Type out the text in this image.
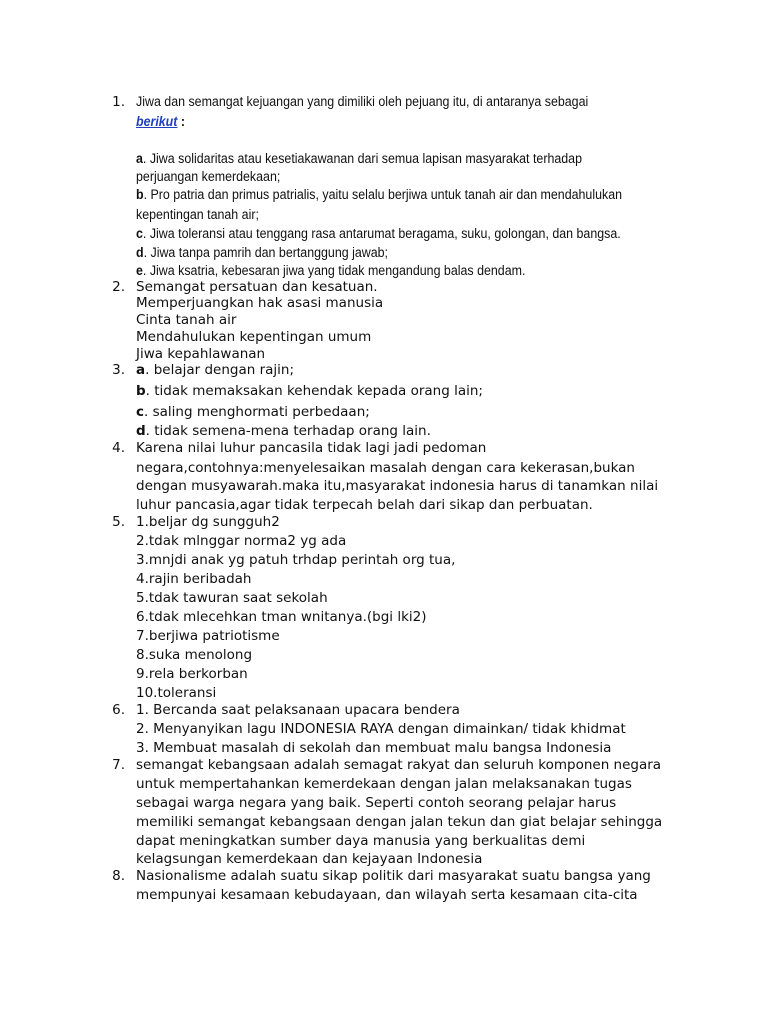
1. Jiwa dan semangat kejuangan yang dimiliki oleh pejuang itu, di antaranya sebagai
berikut :
a. Jiwa solidaritas atau kesetiakawanan dari semua lapisan masyarakat terhadap
perjuangan kemerdekaan;
b. Pro patria dan primus patrialis, yaitu selalu berjiwa untuk tanah air dan mendahulukan
kepentingan tanah air;
c. Jiwa toleransi atau tenggang rasa antarumat beragama, suku, golongan, dan bangsa.
d. Jiwa tanpa pamrih dan bertanggung jawab;
e. Jiwa ksatria, kebesaran jiwa yang tidak mengandung balas dendam.
2. Semangat persatuan dan kesatuan.
Memperjuangkan hak asasi manusia
Cinta tanah air
Mendahulukan kepentingan umum
Jiwa kepahlawanan
3. a. belajar dengan rajin;
b. tidak memaksakan kehendak kepada orang lain;
c. saling menghormati perbedaan;
d. tidak semena-mena terhadap orang lain.
4. Karena nilai luhur pancasila tidak lagi jadi pedoman
negara,contohnya:menyelesaikan masalah dengan cara kekerasan,bukan
dengan musyawarah.maka itu,masyarakat indonesia harus di tanamkan nilai
luhur pancasia,agar tidak terpecah belah dari sikap dan perbuatan.
5. 1.beljar dg sungguh2
2.tdak mlnggar norma2 yg ada
3.mnjdi anak yg patuh trhdap perintah org tua,
4.rajin beribadah
5.tdak tawuran saat sekolah
6.tdak mlecehkan tman wnitanya.(bgi lki2)
7.berjiwa patriotisme
8.suka menolong
9.rela berkorban
10.toleransi
6. 1. Bercanda saat pelaksanaan upacara bendera
2. Menyanyikan lagu INDONESIA RAYA dengan dimainkan/ tidak khidmat
3. Membuat masalah di sekolah dan membuat malu bangsa Indonesia
7. semangat kebangsaan adalah semagat rakyat dan seluruh komponen negara
untuk mempertahankan kemerdekaan dengan jalan melaksanakan tugas
sebagai warga negara yang baik. Seperti contoh seorang pelajar harus
memiliki semangat kebangsaan dengan jalan tekun dan giat belajar sehingga
dapat meningkatkan sumber daya manusia yang berkualitas demi
kelagsungan kemerdekaan dan kejayaan Indonesia
8. Nasionalisme adalah suatu sikap politik dari masyarakat suatu bangsa yang
mempunyai kesamaan kebudayaan, dan wilayah serta kesamaan cita-cita
